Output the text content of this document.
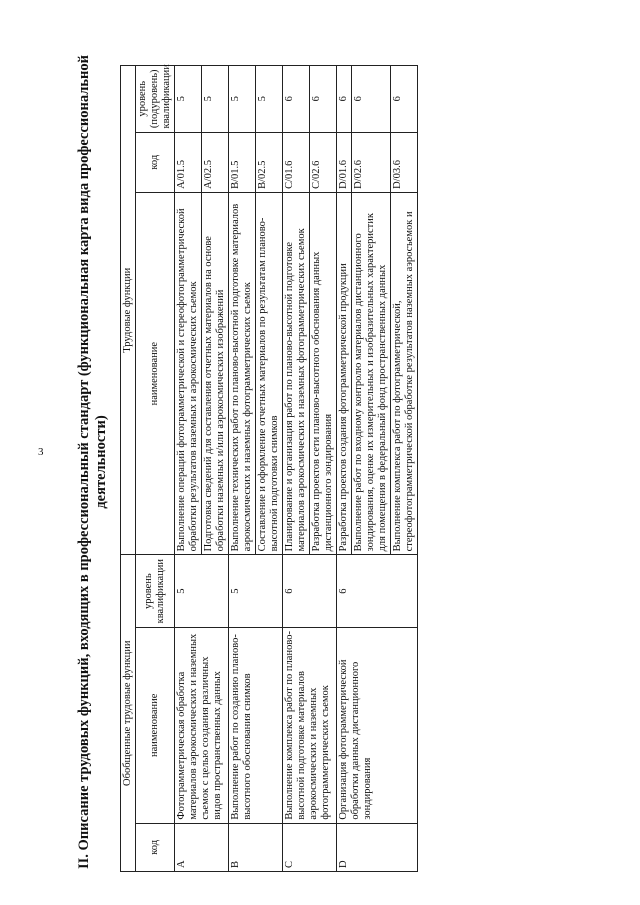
3 II. Описание трудовых функций, входящих в профессиональный стандарт (функциональная карта вида профессиональной деятельности)
Обобщенные трудовые функции			Трудовые функции		
код	наименование	уровень квалификации	наименование	код	уровень (подуровень) квалификации
A	Фотограмметрическая обработка материалов аэрокосмических и наземных съемок с целью создания различных видов пространственных данных	5	Выполнение операций фотограмметрической и стереофотограмметрической обработки результатов наземных и аэрокосмических съемок	A/01.5	5
			Подготовка сведений для составления отчетных материалов на основе обработки наземных и/или аэрокосмических изображений	A/02.5	5
B	Выполнение работ по созданию планово-высотного обоснования снимков	5	Выполнение технических работ по планово-высотной подготовке материалов аэрокосмических и наземных фотограмметрических съемок	B/01.5	5
			Составление и оформление отчетных материалов по результатам планово-высотной подготовки снимков	B/02.5	5
C	Выполнение комплекса работ по планово-высотной подготовке материалов аэрокосмических и наземных фотограмметрических съемок	6	Планирование и организация работ по планово-высотной подготовке материалов аэрокосмических и наземных фотограмметрических съемок	C/01.6	6
			Разработка проектов сети планово-высотного обоснования данных дистанционного зондирования	C/02.6	6
D	Организация фотограмметрической обработки данных дистанционного зондирования	6	Разработка проектов создания фотограмметрической продукции	D/01.6	6
			Выполнение работ по входному контролю материалов дистанционного зондирования, оценке их измерительных и изобразительных характеристик для помещения в федеральный фонд пространственных данных	D/02.6	6
			Выполнение комплекса работ по фотограмметрической, стереофотограмметрической обработке результатов наземных аэросъемок и	D/03.6	6
